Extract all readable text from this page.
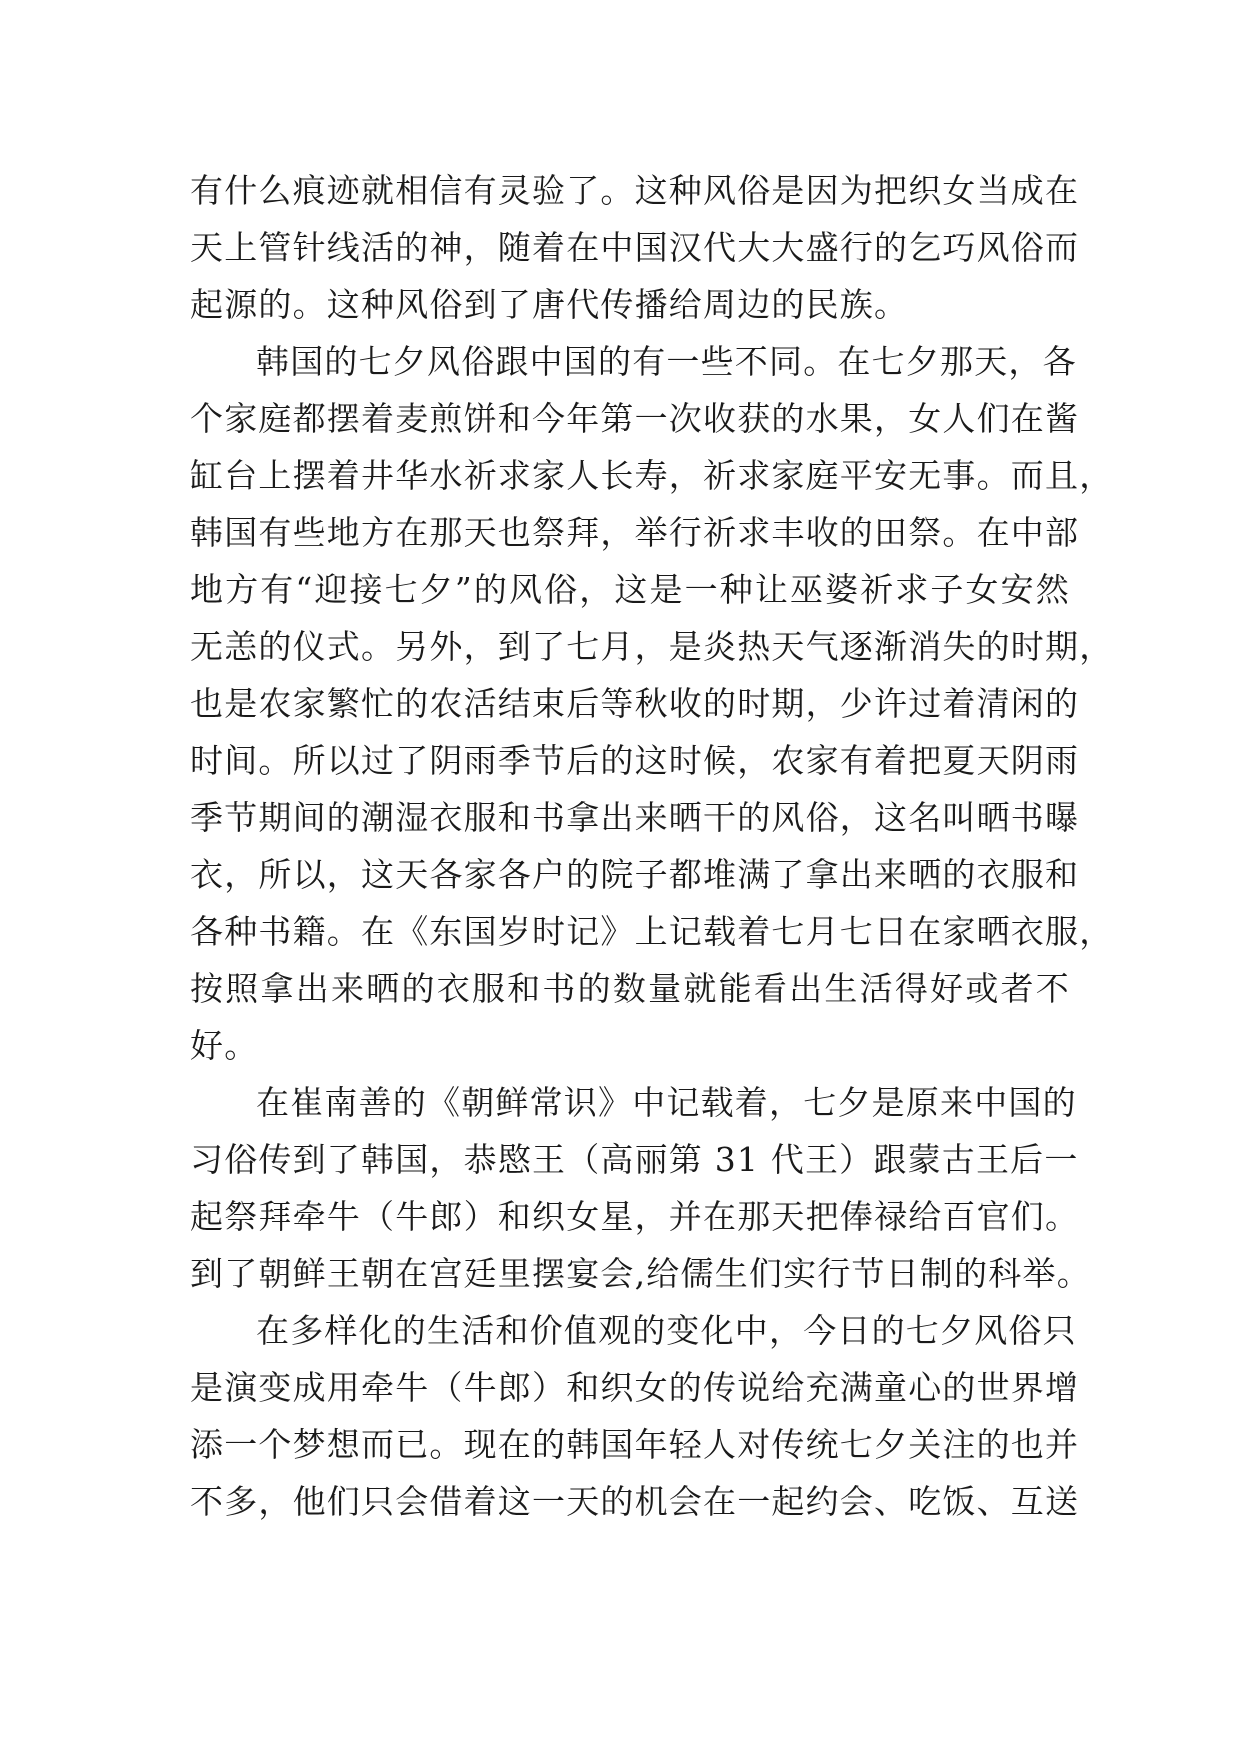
有什么痕迹就相信有灵验了。这种风俗是因为把织女当成在
天上管针线活的神，随着在中国汉代大大盛行的乞巧风俗而
起源的。这种风俗到了唐代传播给周边的民族。
韩国的七夕风俗跟中国的有一些不同。在七夕那天，各
个家庭都摆着麦煎饼和今年第一次收获的水果，女人们在酱
缸台上摆着井华水祈求家人长寿，祈求家庭平安无事。而且，
韩国有些地方在那天也祭拜，举行祈求丰收的田祭。在中部
地方有“迎接七夕”的风俗，这是一种让巫婆祈求子女安然
无恙的仪式。另外，到了七月，是炎热天气逐渐消失的时期，
也是农家繁忙的农活结束后等秋收的时期，少许过着清闲的
时间。所以过了阴雨季节后的这时候，农家有着把夏天阴雨
季节期间的潮湿衣服和书拿出来晒干的风俗，这名叫晒书曝
衣，所以，这天各家各户的院子都堆满了拿出来晒的衣服和
各种书籍。在《东国岁时记》上记载着七月七日在家晒衣服，
按照拿出来晒的衣服和书的数量就能看出生活得好或者不
好。
在崔南善的《朝鲜常识》中记载着，七夕是原来中国的
习俗传到了韩国，恭愍王（高丽第 31 代王）跟蒙古王后一
起祭拜牵牛（牛郎）和织女星，并在那天把俸禄给百官们。
到了朝鲜王朝在宫廷里摆宴会,给儒生们实行节日制的科举。
在多样化的生活和价值观的变化中，今日的七夕风俗只
是演变成用牵牛（牛郎）和织女的传说给充满童心的世界增
添一个梦想而已。现在的韩国年轻人对传统七夕关注的也并
不多，他们只会借着这一天的机会在一起约会、吃饭、互送
